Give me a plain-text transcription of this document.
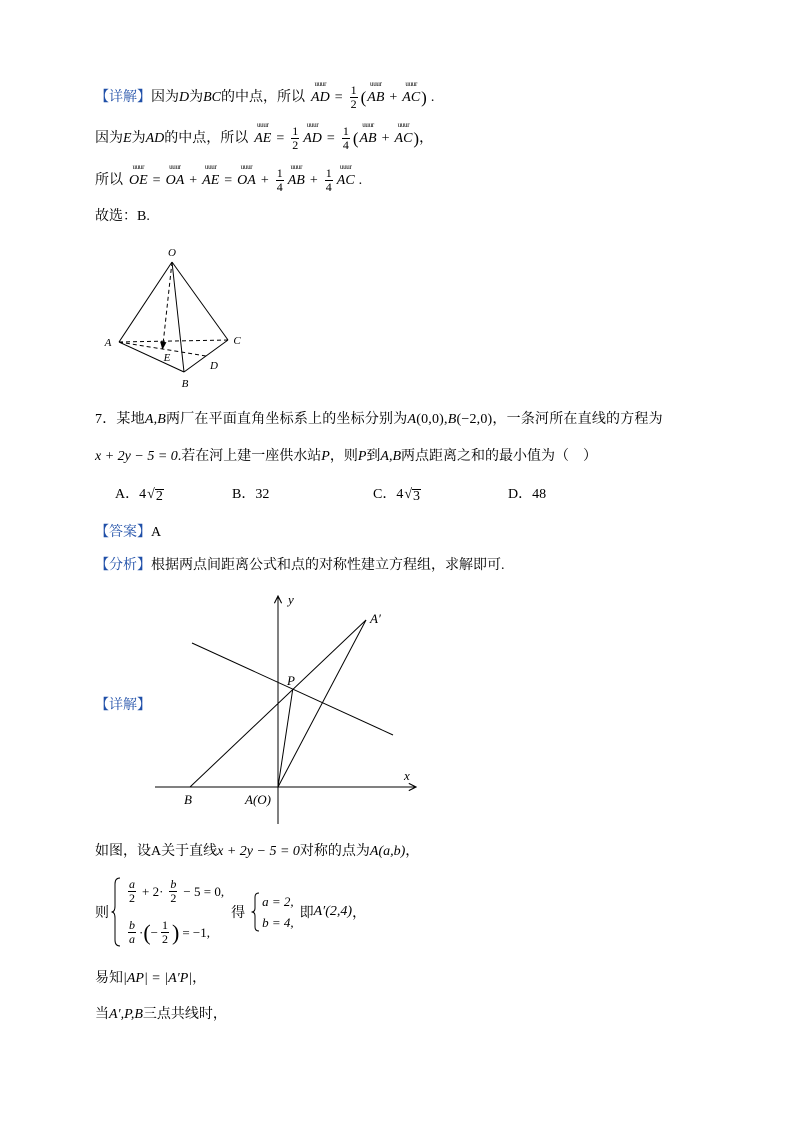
【详解】 因为 D 为 BC 的中点，所以
uuur
AD = $\frac{1}{2}$ (
uuur
AB +
uuur
AC ) .
因为 E 为 AD 的中点，所以
uuur
AE = $\frac{1}{2}$
uuur
AD = $\frac{1}{4}$ (
uuur
AB +
uuur
AC ) ，
所以
uuur
OE =
uuur
OA +
uuur
AE =
uuur
OA + $\frac{1}{4}$
uuur
AB + $\frac{1}{4}$
uuur
AC .
故选：B.
O
A	C
B
D
E
7． 某地 A,B 两厂在平面直角坐标系上的坐标分别为 A (0,0) , B (−2,0) ，一条河所在直线的方程为
x + 2y − 5 = 0 .若在河上建一座供水站 P ，则 P 到 A,B 两点距离之和的最小值为（　）
A． 4 √ 2	B． 32	C． 4 √ 3	D． 48
【答案】 A
【分析】 根据两点间距离公式和点的对称性建立方程组，求解即可.
y
x
B	A(O)
P
A′
【详解】
如图，设A关于直线 x + 2y − 5 = 0 对称的点为 A(a,b) ，
则
$\frac{a}{2} + 2\cdot \frac{b}{2} - 5 = 0$,
$\frac{b}{a}$ · ( − $\frac{1}{2}$ ) = −1,
得
a = 2,
b = 4,
即 A′(2,4) ，
易知 |AP| = |A′P| ，
当 A′,P,B 三点共线时，
